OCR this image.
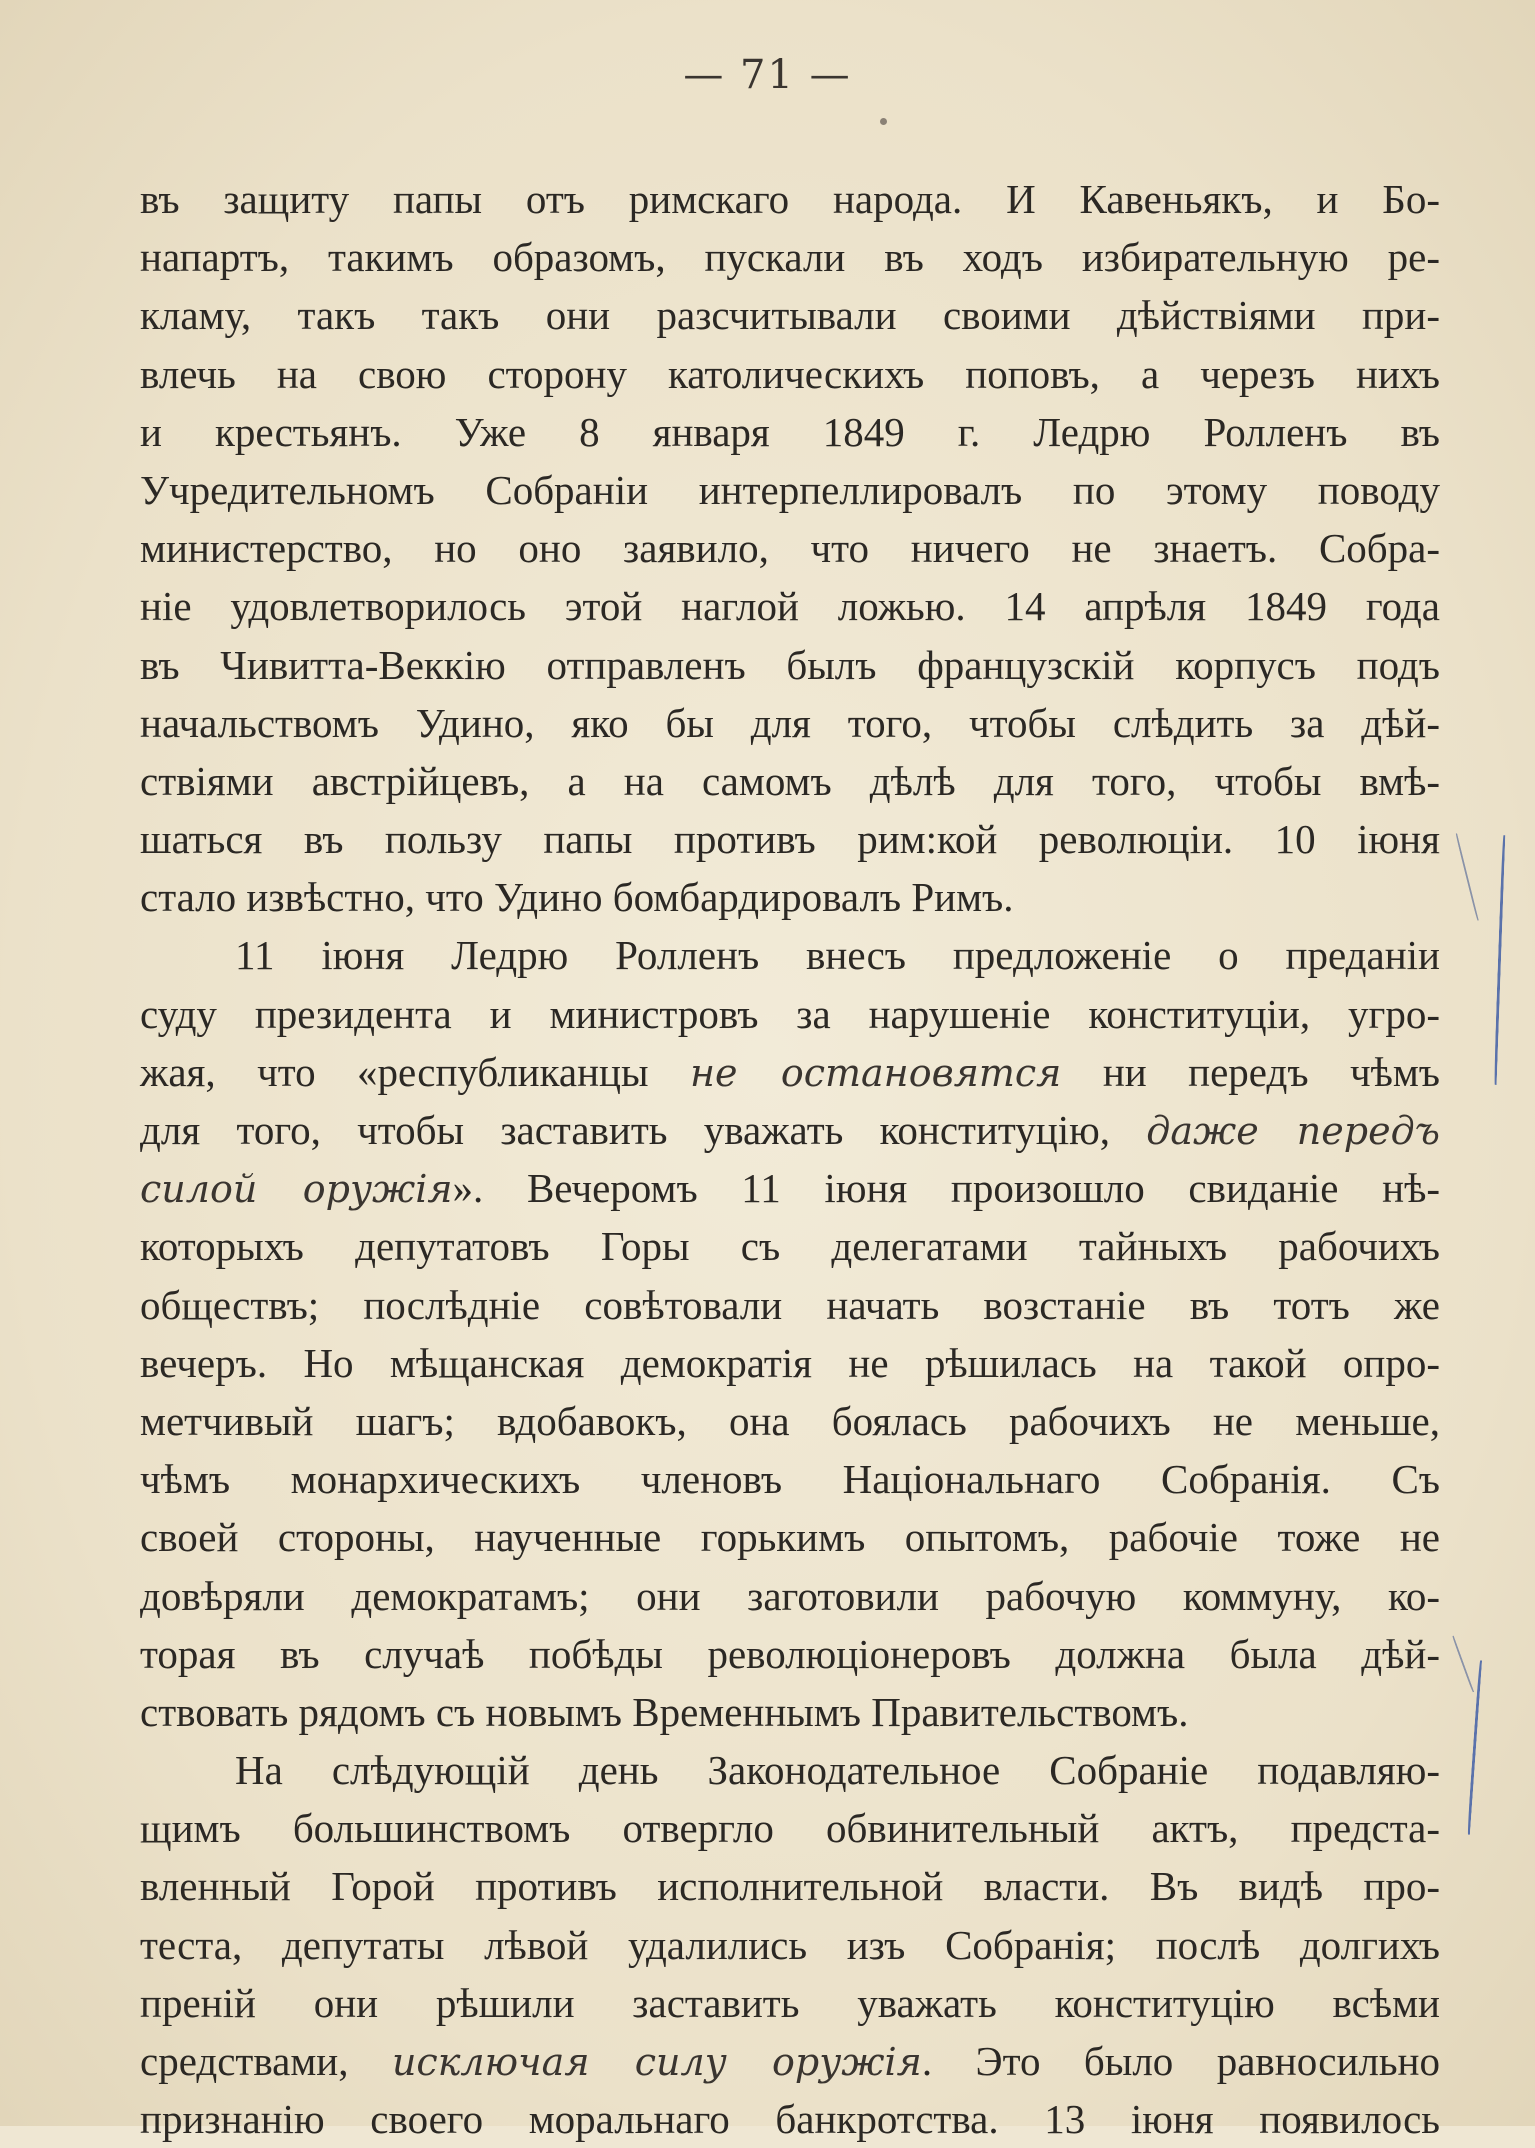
— 71 —
въ защиту папы отъ римскаго народа. И Кавеньякъ, и Бо-
напартъ, такимъ образомъ, пускали въ ходъ избирательную ре-
кламу, такъ такъ они разсчитывали своими дѣйствіями при-
влечь на свою сторону католическихъ поповъ, а черезъ нихъ
и крестьянъ. Уже 8 января 1849 г. Ледрю Ролленъ въ
Учредительномъ Собраніи интерпеллировалъ по этому поводу
министерство, но оно заявило, что ничего не знаетъ. Собра-
ніе удовлетворилось этой наглой ложью. 14 апрѣля 1849 года
въ Чивитта-Веккію отправленъ былъ французскій корпусъ подъ
начальствомъ Удино, яко бы для того, чтобы слѣдить за дѣй-
ствіями австрійцевъ, а на самомъ дѣлѣ для того, чтобы вмѣ-
шаться въ пользу папы противъ рим:кой революціи. 10 іюня
стало извѣстно, что Удино бомбардировалъ Римъ.
11 іюня Ледрю Ролленъ внесъ предложеніе о преданіи
суду президента и министровъ за нарушеніе конституціи, угро-
жая, что «республиканцы не остановятся ни передъ чѣмъ
для того, чтобы заставить уважать конституцію, даже передъ
силой оружія». Вечеромъ 11 іюня произошло свиданіе нѣ-
которыхъ депутатовъ Горы съ делегатами тайныхъ рабочихъ
обществъ; послѣдніе совѣтовали начать возстаніе въ тотъ же
вечеръ. Но мѣщанская демократія не рѣшилась на такой опро-
метчивый шагъ; вдобавокъ, она боялась рабочихъ не меньше,
чѣмъ монархическихъ членовъ Національнаго Собранія. Съ
своей стороны, наученные горькимъ опытомъ, рабочіе тоже не
довѣряли демократамъ; они заготовили рабочую коммуну, ко-
торая въ случаѣ побѣды революціонеровъ должна была дѣй-
ствовать рядомъ съ новымъ Временнымъ Правительствомъ.
На слѣдующій день Законодательное Собраніе подавляю-
щимъ большинствомъ отвергло обвинительный актъ, предста-
вленный Горой противъ исполнительной власти. Въ видѣ про-
теста, депутаты лѣвой удалились изъ Собранія; послѣ долгихъ
преній они рѣшили заставить уважать конституцію всѣми
средствами, исключая силу оружія. Это было равносильно
признанію своего моральнаго банкротства. 13 іюня появилось
